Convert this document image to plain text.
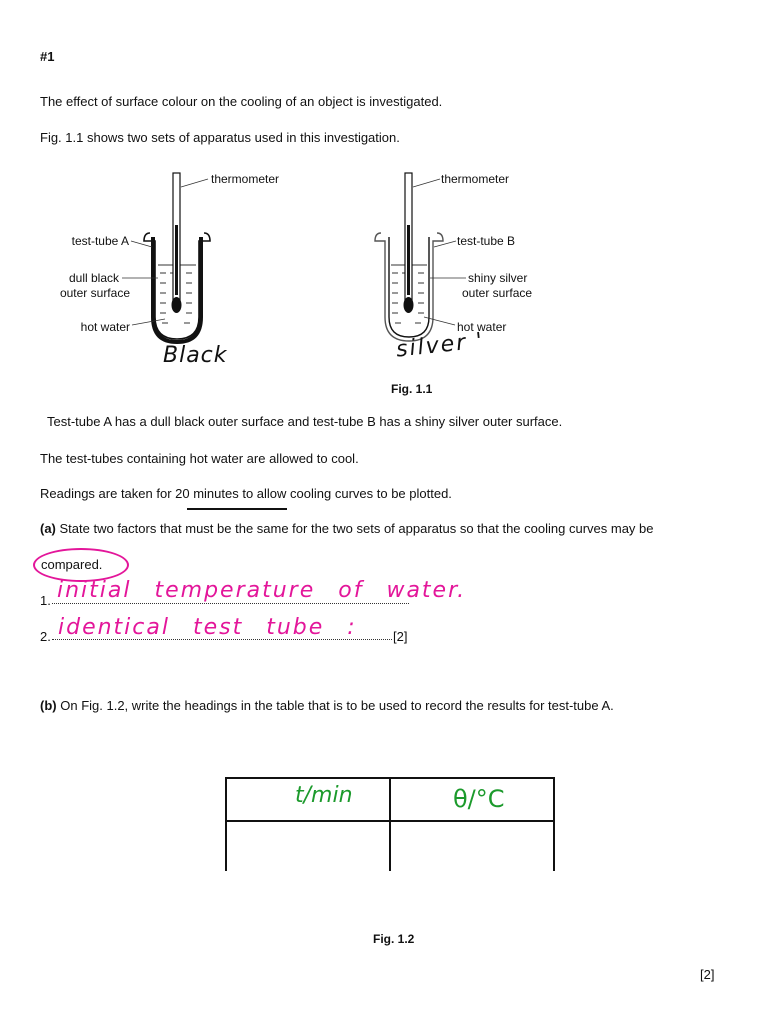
#1
The effect of surface colour on the cooling of an object is investigated.
Fig. 1.1 shows two sets of apparatus used in this investigation.
thermometer
test-tube A
dull black
outer surface
hot water
thermometer
test-tube B
shiny silver
outer surface
hot water
Black	silver '
Fig. 1.1
Test-tube A has a dull black outer surface and test-tube B has a shiny silver outer surface.
The test-tubes containing hot water are allowed to cool.
Readings are taken for 20 minutes to allow cooling curves to be plotted.
(a) State two factors that must be the same for the two sets of apparatus so that the cooling curves may be
compared.
1. initial temperature of water.
2. identical test tube :	[2]
(b) On Fig. 1.2, write the headings in the table that is to be used to record the results for test-tube A.
t/min	θ/°C
Fig. 1.2
[2]
